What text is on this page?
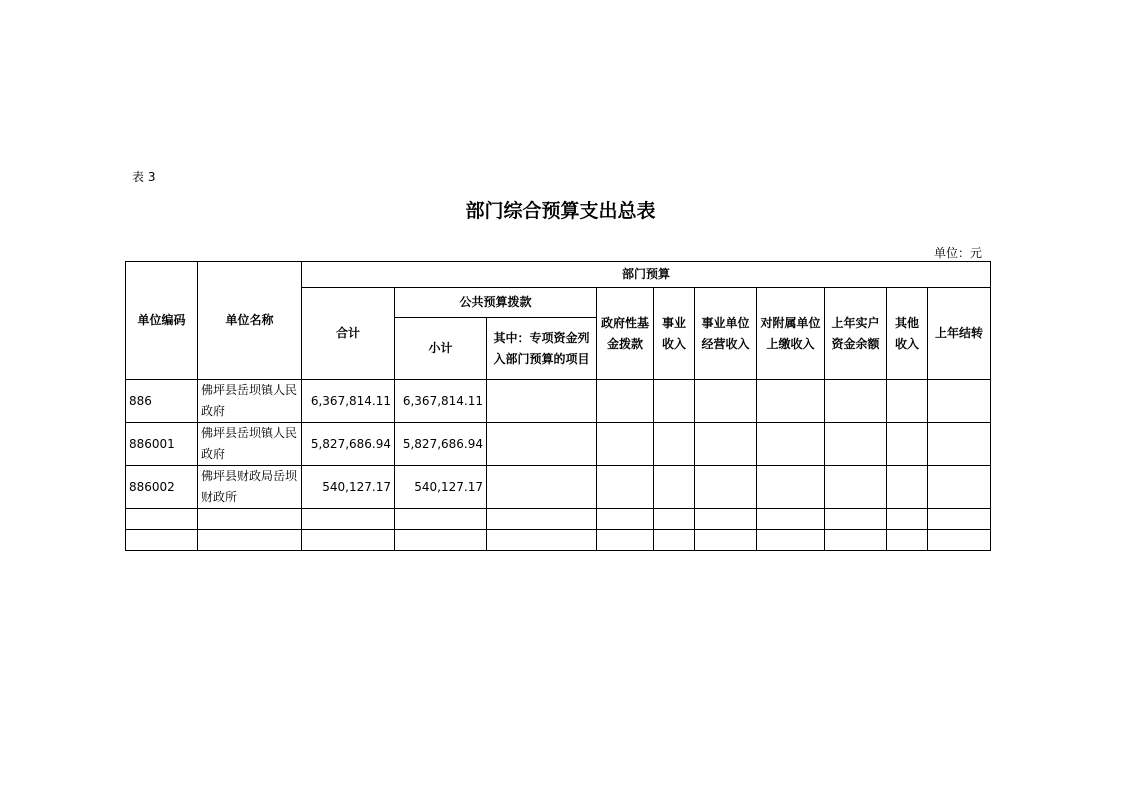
表 3
部门综合预算支出总表
单位：元
单位编码	单位名称	部门预算									
		合计	公共预算拨款		政府性基金拨款	事业收入	事业单位经营收入	对附属单位上缴收入	上年实户资金余额	其他收入	上年结转
			小计	其中：专项资金列入部门预算的项目							
886	佛坪县岳坝镇人民政府	6,367,814.11	6,367,814.11								
886001	佛坪县岳坝镇人民政府	5,827,686.94	5,827,686.94								
886002	佛坪县财政局岳坝财政所	540,127.17	540,127.17								
